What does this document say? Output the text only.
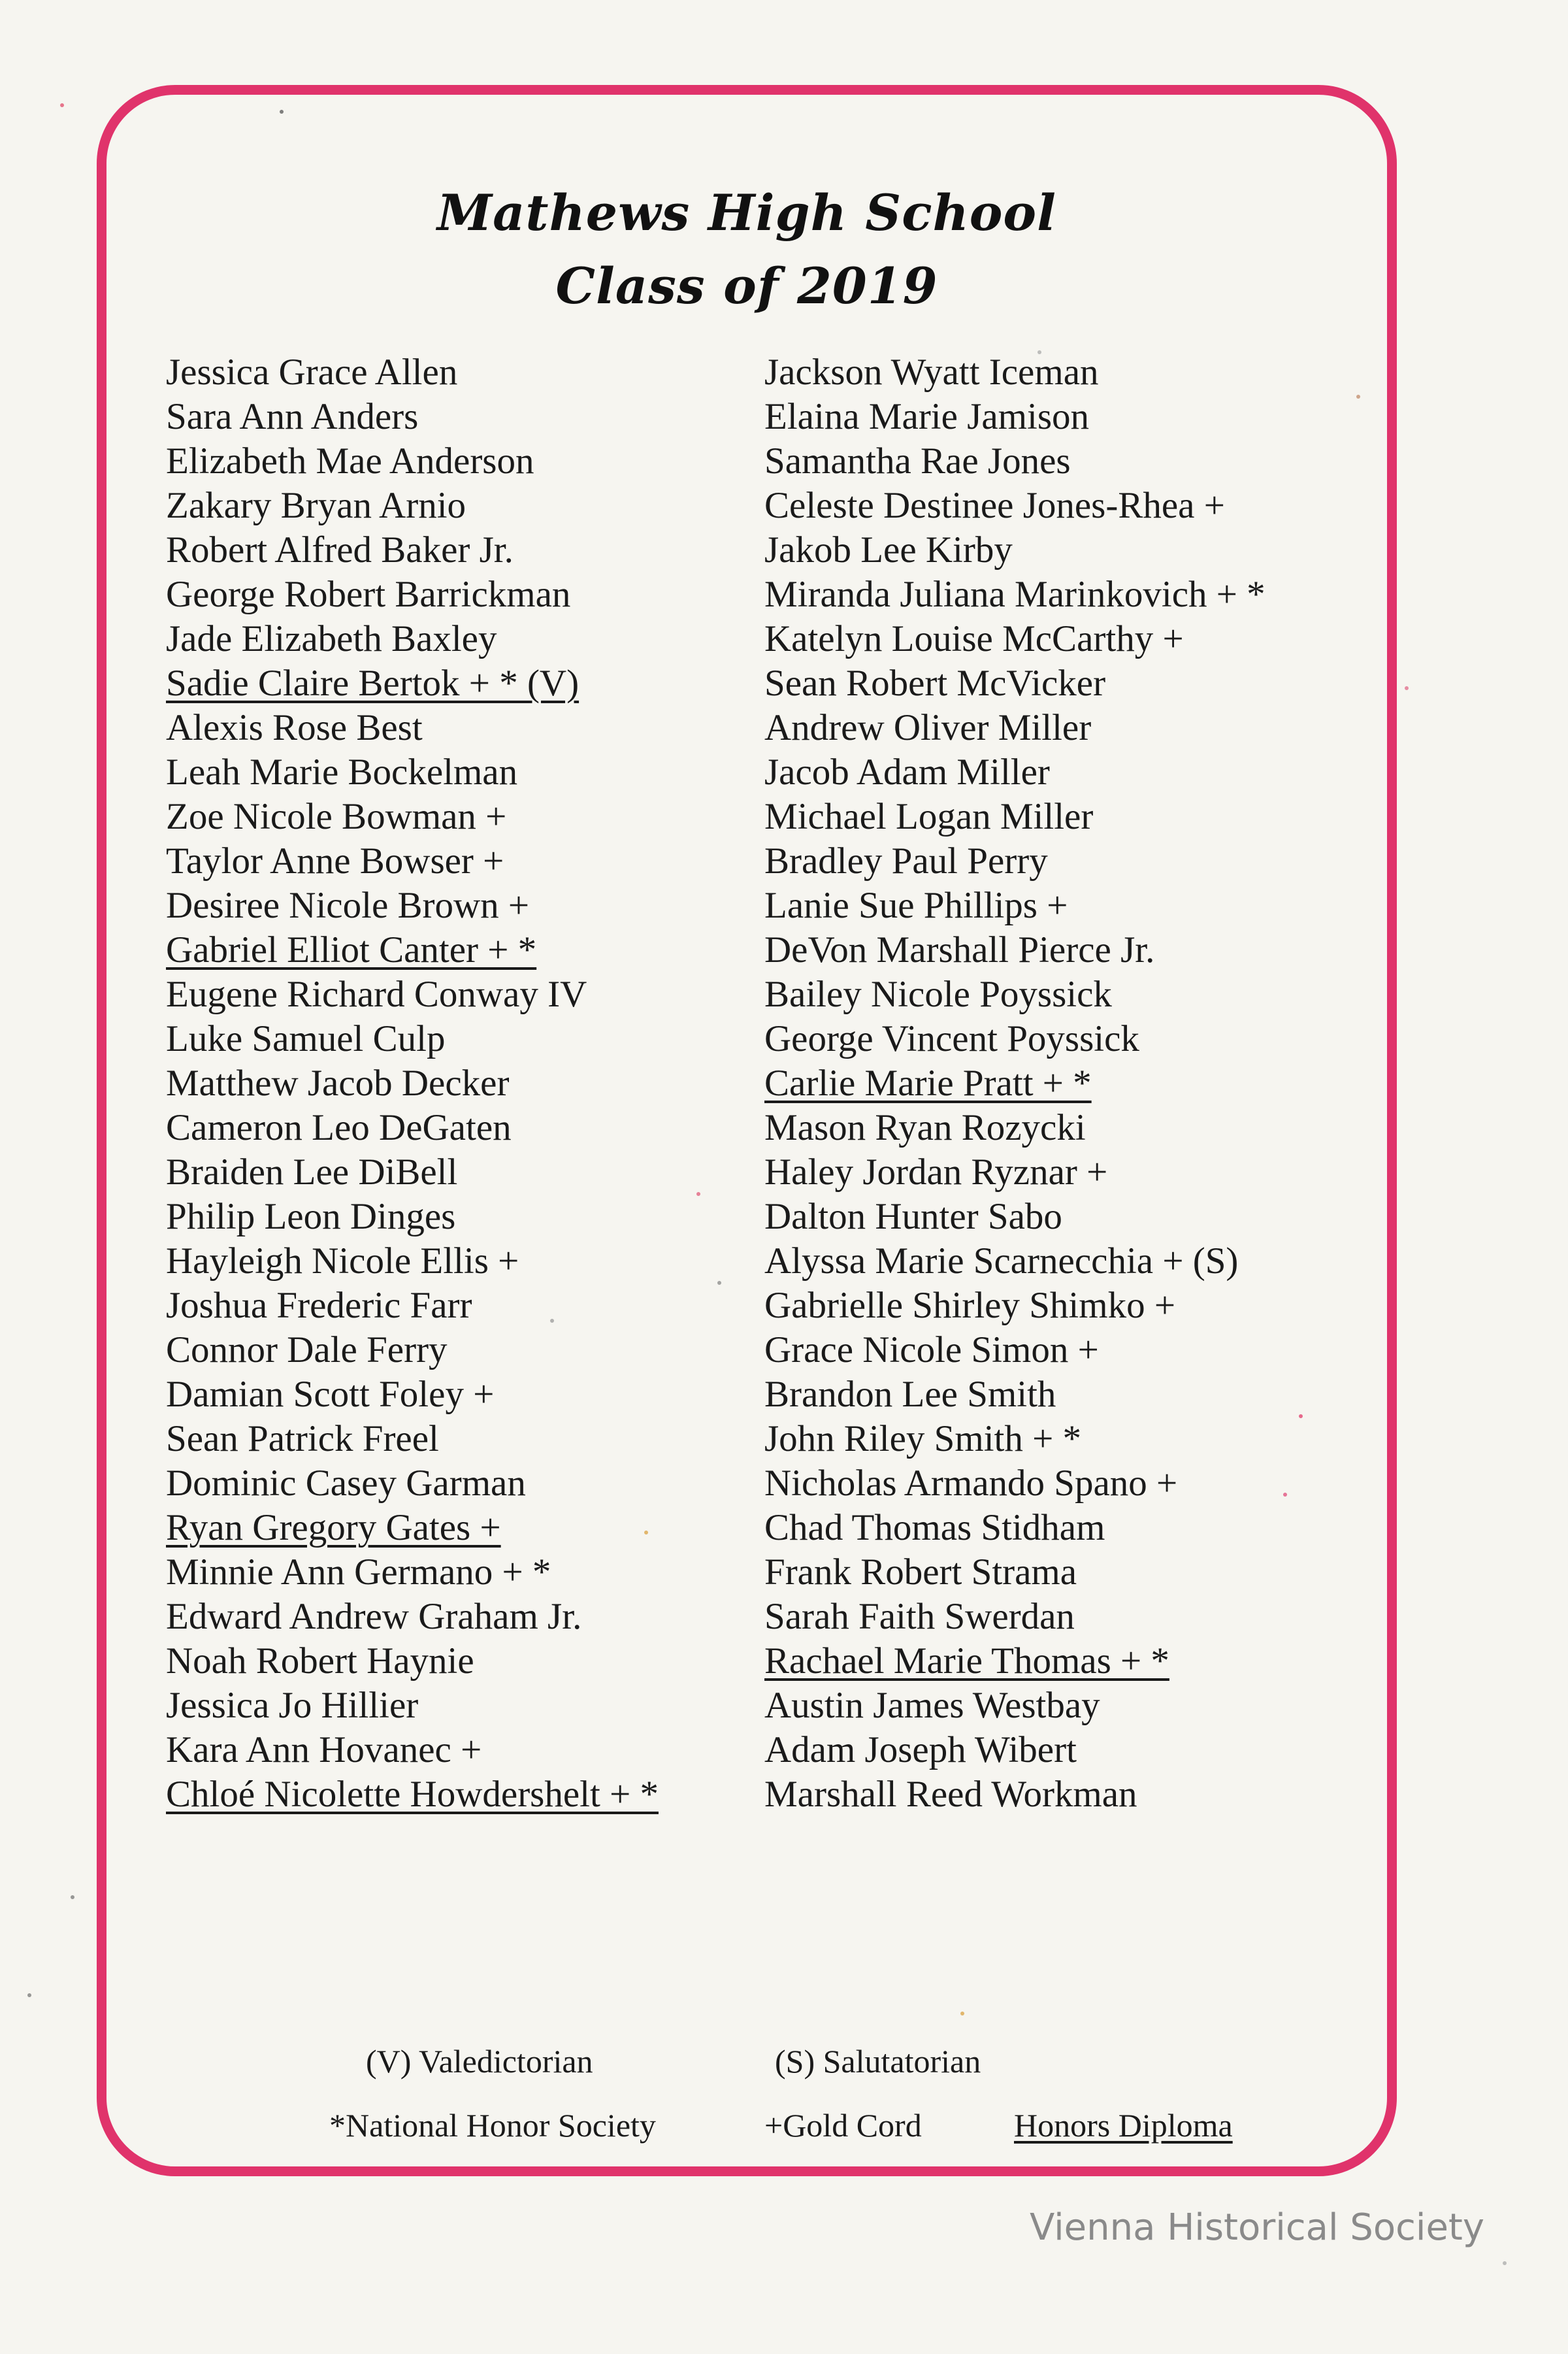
Mathews High School
Class of 2019
Jessica Grace Allen
Sara Ann Anders
Elizabeth Mae Anderson
Zakary Bryan Arnio
Robert Alfred Baker Jr.
George Robert Barrickman
Jade Elizabeth Baxley
Sadie Claire Bertok + * (V)
Alexis Rose Best
Leah Marie Bockelman
Zoe Nicole Bowman +
Taylor Anne Bowser +
Desiree Nicole Brown +
Gabriel Elliot Canter + *
Eugene Richard Conway IV
Luke Samuel Culp
Matthew Jacob Decker
Cameron Leo DeGaten
Braiden Lee DiBell
Philip Leon Dinges
Hayleigh Nicole Ellis +
Joshua Frederic Farr
Connor Dale Ferry
Damian Scott Foley +
Sean Patrick Freel
Dominic Casey Garman
Ryan Gregory Gates +
Minnie Ann Germano + *
Edward Andrew Graham Jr.
Noah Robert Haynie
Jessica Jo Hillier
Kara Ann Hovanec +
Chloé Nicolette Howdershelt + *
Jackson Wyatt Iceman
Elaina Marie Jamison
Samantha Rae Jones
Celeste Destinee Jones-Rhea +
Jakob Lee Kirby
Miranda Juliana Marinkovich + *
Katelyn Louise McCarthy +
Sean Robert McVicker
Andrew Oliver Miller
Jacob Adam Miller
Michael Logan Miller
Bradley Paul Perry
Lanie Sue Phillips +
DeVon Marshall Pierce Jr.
Bailey Nicole Poyssick
George Vincent Poyssick
Carlie Marie Pratt + *
Mason Ryan Rozycki
Haley Jordan Ryznar +
Dalton Hunter Sabo
Alyssa Marie Scarnecchia + (S)
Gabrielle Shirley Shimko +
Grace Nicole Simon +
Brandon Lee Smith
John Riley Smith + *
Nicholas Armando Spano +
Chad Thomas Stidham
Frank Robert Strama
Sarah Faith Swerdan
Rachael Marie Thomas + *
Austin James Westbay
Adam Joseph Wibert
Marshall Reed Workman
(V) Valedictorian	(S) Salutatorian
*National Honor Society	+Gold Cord	Honors Diploma
Vienna Historical Society
